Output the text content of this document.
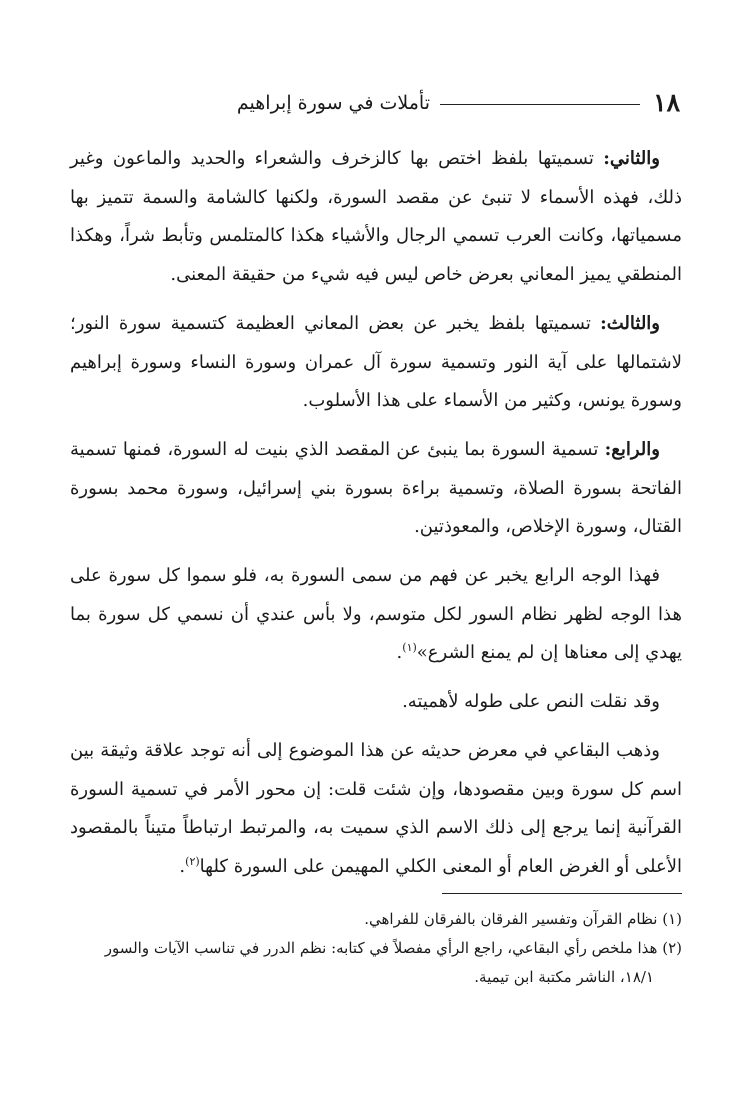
١٨
تأملات في سورة إبراهيم

والثاني: تسميتها بلفظ اختص بها كالزخرف والشعراء والحديد والماعون وغير ذلك، فهذه الأسماء لا تنبئ عن مقصد السورة، ولكنها كالشامة والسمة تتميز بها مسمياتها، وكانت العرب تسمي الرجال والأشياء هكذا كالمتلمس وتأبط شراً، وهكذا المنطقي يميز المعاني بعرض خاص ليس فيه شيء من حقيقة المعنى.

والثالث: تسميتها بلفظ يخبر عن بعض المعاني العظيمة كتسمية سورة النور؛ لاشتمالها على آية النور وتسمية سورة آل عمران وسورة النساء وسورة إبراهيم وسورة يونس، وكثير من الأسماء على هذا الأسلوب.

والرابع: تسمية السورة بما ينبئ عن المقصد الذي بنيت له السورة، فمنها تسمية الفاتحة بسورة الصلاة، وتسمية براءة بسورة بني إسرائيل، وسورة محمد بسورة القتال، وسورة الإخلاص، والمعوذتين.

فهذا الوجه الرابع يخبر عن فهم من سمى السورة به، فلو سموا كل سورة على هذا الوجه لظهر نظام السور لكل متوسم، ولا بأس عندي أن نسمي كل سورة بما يهدي إلى معناها إن لم يمنع الشرع»$^{(١)}$.

وقد نقلت النص على طوله لأهميته.

وذهب البقاعي في معرض حديثه عن هذا الموضوع إلى أنه توجد علاقة وثيقة بين اسم كل سورة وبين مقصودها، وإن شئت قلت: إن محور الأمر في تسمية السورة القرآنية إنما يرجع إلى ذلك الاسم الذي سميت به، والمرتبط ارتباطاً متيناً بالمقصود الأعلى أو الغرض العام أو المعنى الكلي المهيمن على السورة كلها$^{(٢)}$.

(١) نظام القرآن وتفسير الفرقان بالفرقان للفراهي.

(٢) هذا ملخص رأي البقاعي، راجع الرأي مفصلاً في كتابه: نظم الدرر في تناسب الآيات والسور

١٨/١، الناشر مكتبة ابن تيمية.
